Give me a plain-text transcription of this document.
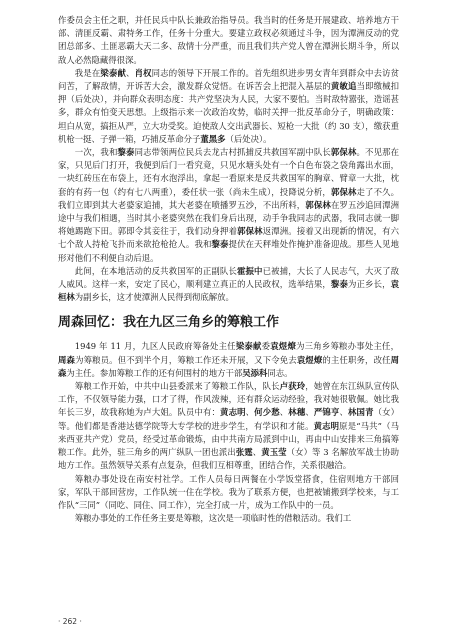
作委员会主任之职，并任民兵中队长兼政治指导员。我当时的任务是开展建政、培养地方干部、清匪反霸、肃特务工作，任务十分重大。要建立政权必须通过斗争，因为潭洲反动的党团总部多、土匪恶霸大天二多、敌情十分严重，而且我们共产党人曾在潭洲长期斗争，所以敌人必然隐藏得很深。

我是在梁泰献、肖权同志的领导下开展工作的。首先组织进步男女青年到群众中去访贫问苦，了解敌情，开诉苦大会，激发群众觉悟。在诉苦会上把混入基层的黄敏追当即缴械扣押（后处决），并向群众表明态度：共产党坚决为人民，大家不要怕。当时敌特嚣张，造谣甚多，群众有怕变天思想。上级指示来一次政治攻势，临时关押一批反革命分子，明确政策：坦白从宽，搞拒从严，立大功受奖。迫使敌人交出武器长、短枪一大批（约 30 支），缴获重机枪一挺、子弹一箱，巧捕反革命分子董黑多（后处决）。

一次，我和黎泰同志带领两位民兵去龙古村抓捕反共救国军副中队长郭保林。不见那在家，只见后门打开，我便到后门一看究竟，只见水塘头处有一个白色布袋之袋角露出水面，一块红砖压在布袋上，还有水泡浮出，拿起一看原来是反共救国军的胸章、臂章一大批，枕套的有药一包（约有七八两重），委任状一张（尚未生成），投降说分析，郭保林走了不久。我们立即到其大老婆家追捕，其大老婆在喷播罗五沙，不出所料，郭保林在罗五沙追回潭洲途中与我们相遇，当时其小老婆突然在我们身后出现，动手争我同志的武器，我同志就一脚将她踢跑下田。郭即令其妾往于，我们动身押着郭保林返潭洲。接着又出现新的情况，有六七个敌人持枪飞扑而来欲抢枪抢人。我和黎泰提伏在天秤堆处作掩护准备迎战。那些人见地形对他们不利便自动后退。

此间，在本地活动的反共救国军的正副队长霍振中已被捕，大长了人民志气，大灭了敌人威风。这样一来，安定了民心，顺利建立真正的人民政权，选举结果，黎泰为正乡长，袁桓林为副乡长，这才使潭洲人民得到彻底解放。

周森回忆：我在九区三角乡的筹粮工作

1949 年 11 月，九区人民政府筹备处主任梁泰献委袁煜燎为三角乡筹粮办事处主任，周森为筹粮员。但不到半个月，筹粮工作还未开展，又下令免去袁煜燎的主任职务，改任周森为主任。参加筹粮工作的还有何围村的地方干部吴添科同志。

筹粮工作开始，中共中山县委派来了筹粮工作队，队长卢获玲，她曾在东江纵队宣传队工作，不仅领导能力强，口才了得，作风泼辣，还有群众运动经验，我对她很敬佩。她比我年长三岁，故我称她为卢大姐。队员中有：黄志明、何少愁、林穗、严锦亨、林国青（女）等。他们都是香港达德学院等大专学校的进步学生，有学识和才能。黄志明原是“马共”（马来西亚共产党）党员，经受过革命锻炼，由中共南方局派到中山，再由中山安排来三角搞筹粮工作。此外，驻三角乡的两广纵队一团也派出张霆、黄玉莹（女）等 3 名解放军战士协助地方工作。虽然领导关系有点复杂，但我们互相尊重，团结合作，关系很融洽。

筹粮办事处设在南安村社学。工作人员每日两餐在小学饭堂搭食，住宿则地方干部回家，军队干部回营房，工作队统一住在学校。我为了联系方便，也把被铺搬到学校来，与工作队“三同”（同吃、同住、同工作），完全打成一片，成为工作队中的一员。

筹粮办事处的工作任务主要是筹粮，这次是一项临时性的借粮活动。我们工

· 262 ·
